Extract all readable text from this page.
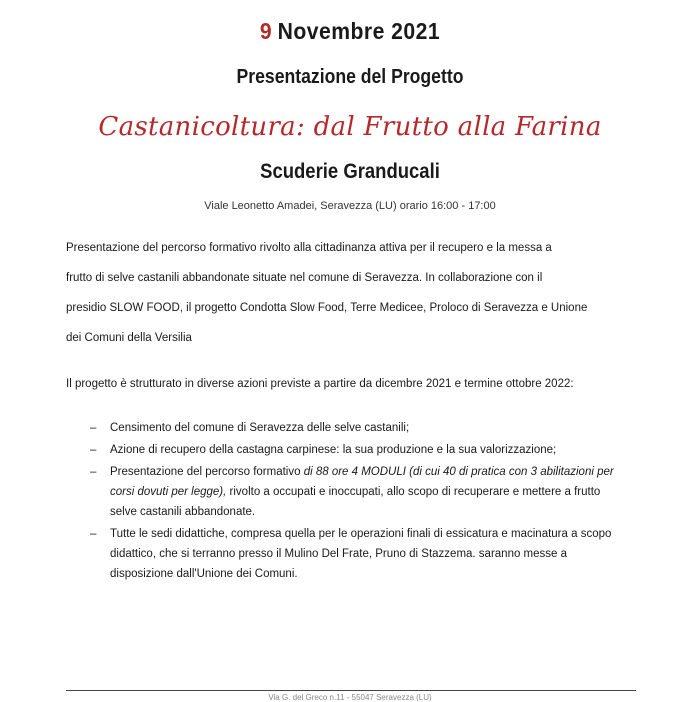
9 Novembre 2021
Presentazione del Progetto
Castanicoltura: dal Frutto alla Farina
Scuderie Granducali
Viale Leonetto Amadei, Seravezza (LU) orario 16:00 - 17:00
Presentazione del percorso formativo rivolto alla cittadinanza attiva per il recupero e la messa a
frutto di selve castanili abbandonate situate nel comune di Seravezza. In collaborazione con il
presidio SLOW FOOD, il progetto Condotta Slow Food, Terre Medicee, Proloco di Seravezza e Unione
dei Comuni della Versilia
Il progetto è strutturato in diverse azioni previste a partire da dicembre 2021 e termine ottobre 2022:
– Censimento del comune di Seravezza delle selve castanili;
– Azione di recupero della castagna carpinese: la sua produzione e la sua valorizzazione;
– Presentazione del percorso formativo di 88 ore 4 MODULI (di cui 40 di pratica con 3 abilitazioni per corsi dovuti per legge), rivolto a occupati e inoccupati, allo scopo di recuperare e mettere a frutto selve castanili abbandonate.
– Tutte le sedi didattiche, compresa quella per le operazioni finali di essicatura e macinatura a scopo didattico, che si terranno presso il Mulino Del Frate, Pruno di Stazzema. saranno messe a disposizione dall'Unione dei Comuni.
Via G. del Greco n.11 - 55047 Seravezza (LU)
